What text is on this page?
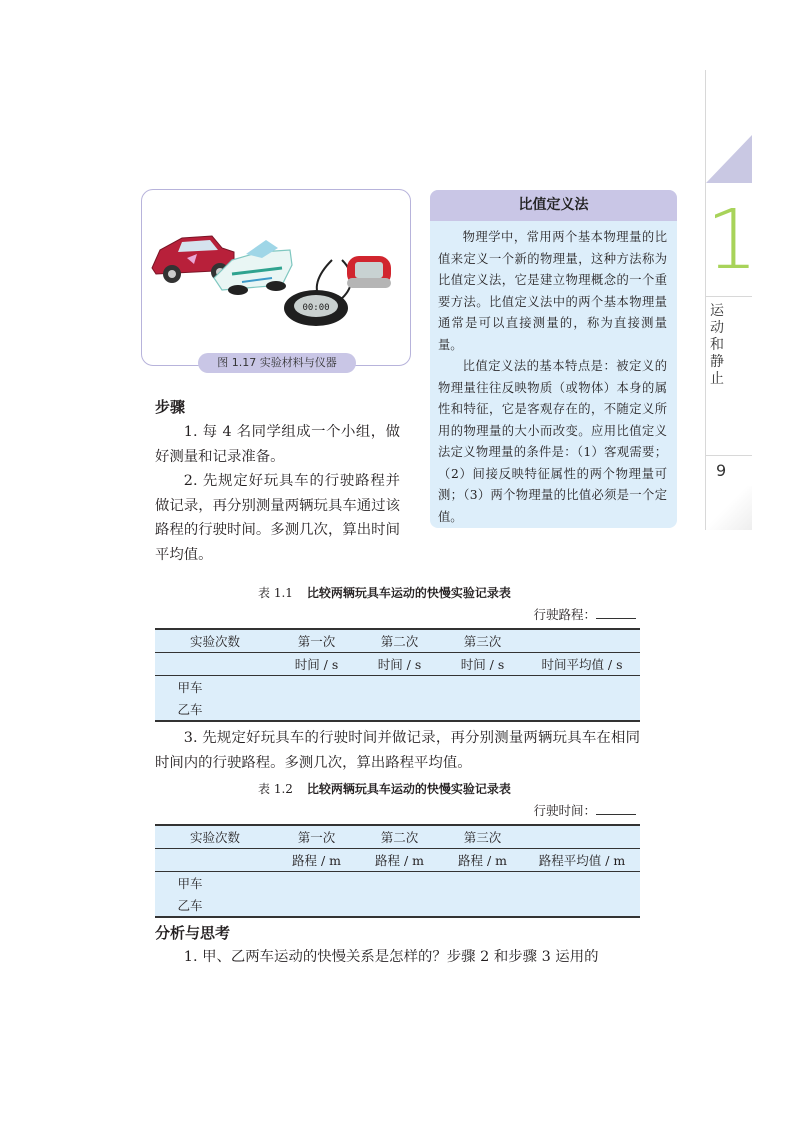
1
运动和静止
9
00:00
图 1.17 实验材料与仪器
比值定义法

物理学中，常用两个基本物理量的比值来定义一个新的物理量，这种方法称为比值定义法，它是建立物理概念的一个重要方法。比值定义法中的两个基本物理量通常是可以直接测量的，称为直接测量量。

比值定义法的基本特点是：被定义的物理量往往反映物质（或物体）本身的属性和特征，它是客观存在的，不随定义所用的物理量的大小而改变。应用比值定义法定义物理量的条件是：（1）客观需要；（2）间接反映特征属性的两个物理量可测；（3）两个物理量的比值必须是一个定值。

步骤

1. 每 4 名同学组成一个小组，做好测量和记录准备。

2. 先规定好玩具车的行驶路程并做记录，再分别测量两辆玩具车通过该路程的行驶时间。多测几次，算出时间平均值。

表 1.1 比较两辆玩具车运动的快慢实验记录表
行驶路程：
实验次数	第一次	第二次	第三次	
	时间 / s	时间 / s	时间 / s	时间平均值 / s
甲车				
乙车				

3. 先规定好玩具车的行驶时间并做记录，再分别测量两辆玩具车在相同时间内的行驶路程。多测几次，算出路程平均值。

表 1.2 比较两辆玩具车运动的快慢实验记录表
行驶时间：
实验次数	第一次	第二次	第三次	
	路程 / m	路程 / m	路程 / m	路程平均值 / m
甲车				
乙车				
分析与思考
1. 甲、乙两车运动的快慢关系是怎样的？步骤 2 和步骤 3 运用的
